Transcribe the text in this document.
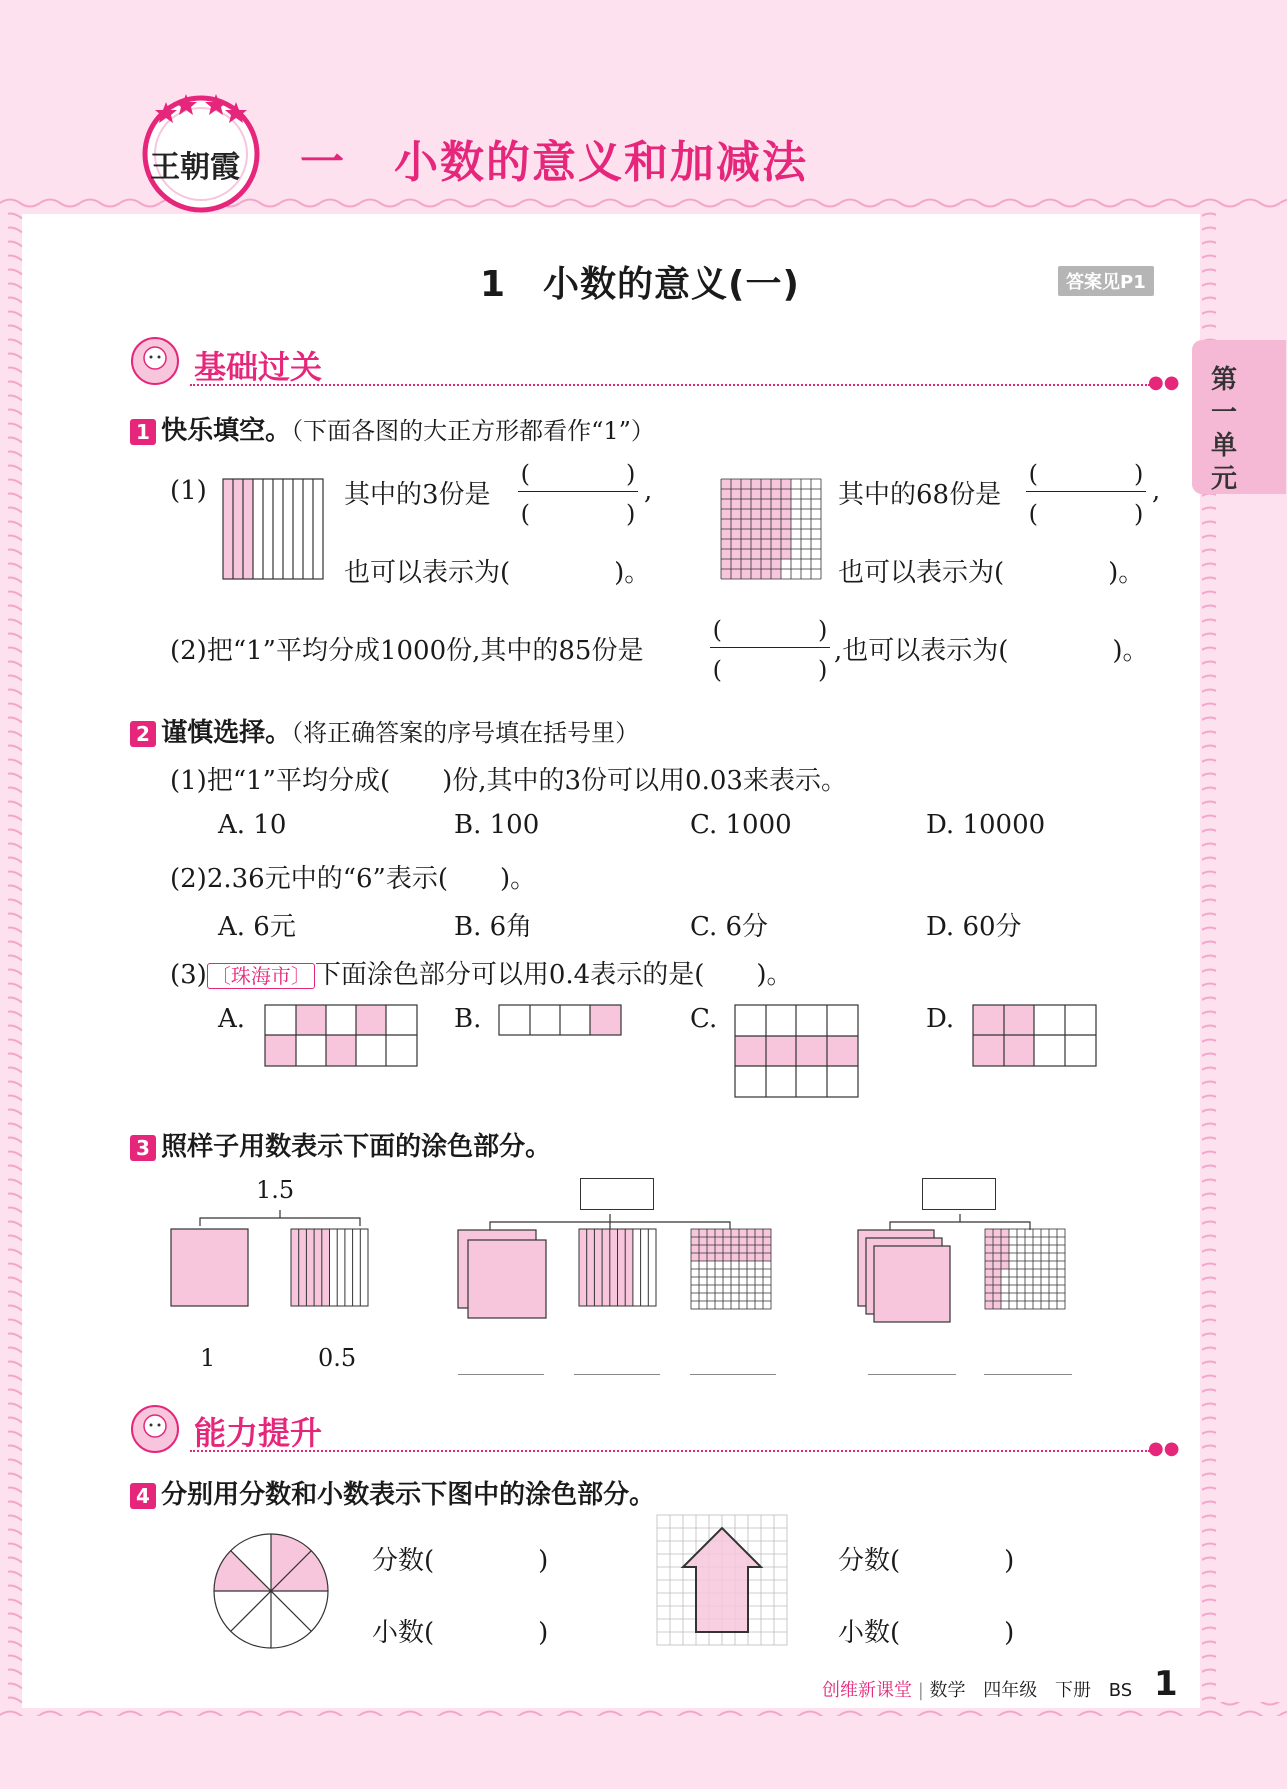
王朝霞 一 小数的意义和加减法
1　小数的意义(一)	答案见P1
第一单元
基础过关	●●
1 快乐填空。（下面各图的大正方形都看作“1”）
(1)	其中的3份是
(　　　　)
(　　　　)
,
也可以表示为(　　　　)。
其中的68份是
(　　　　)
(　　　　)
,
也可以表示为(　　　　)。
(2)把“1”平均分成1000份,其中的85份是
(　　　　)
(　　　　)
,也可以表示为(　　　　)。
2 谨慎选择。（将正确答案的序号填在括号里）
(1)把“1”平均分成(　　)份,其中的3份可以用0.03来表示。
A. 10	B. 100	C. 1000	D. 10000
(2)2.36元中的“6”表示(　　)。
A. 6元	B. 6角	C. 6分	D. 60分
(3) 〔珠海市〕 下面涂色部分可以用0.4表示的是(　　)。
A.	B.	C.	D.
3 照样子用数表示下面的涂色部分。
1.5
1	0.5
能力提升	●●
4 分别用分数和小数表示下图中的涂色部分。
分数(　　　　)
小数(　　　　)
分数(　　　　)
小数(　　　　)
创维新课堂 | 数学 四年级 下册 BS 1
